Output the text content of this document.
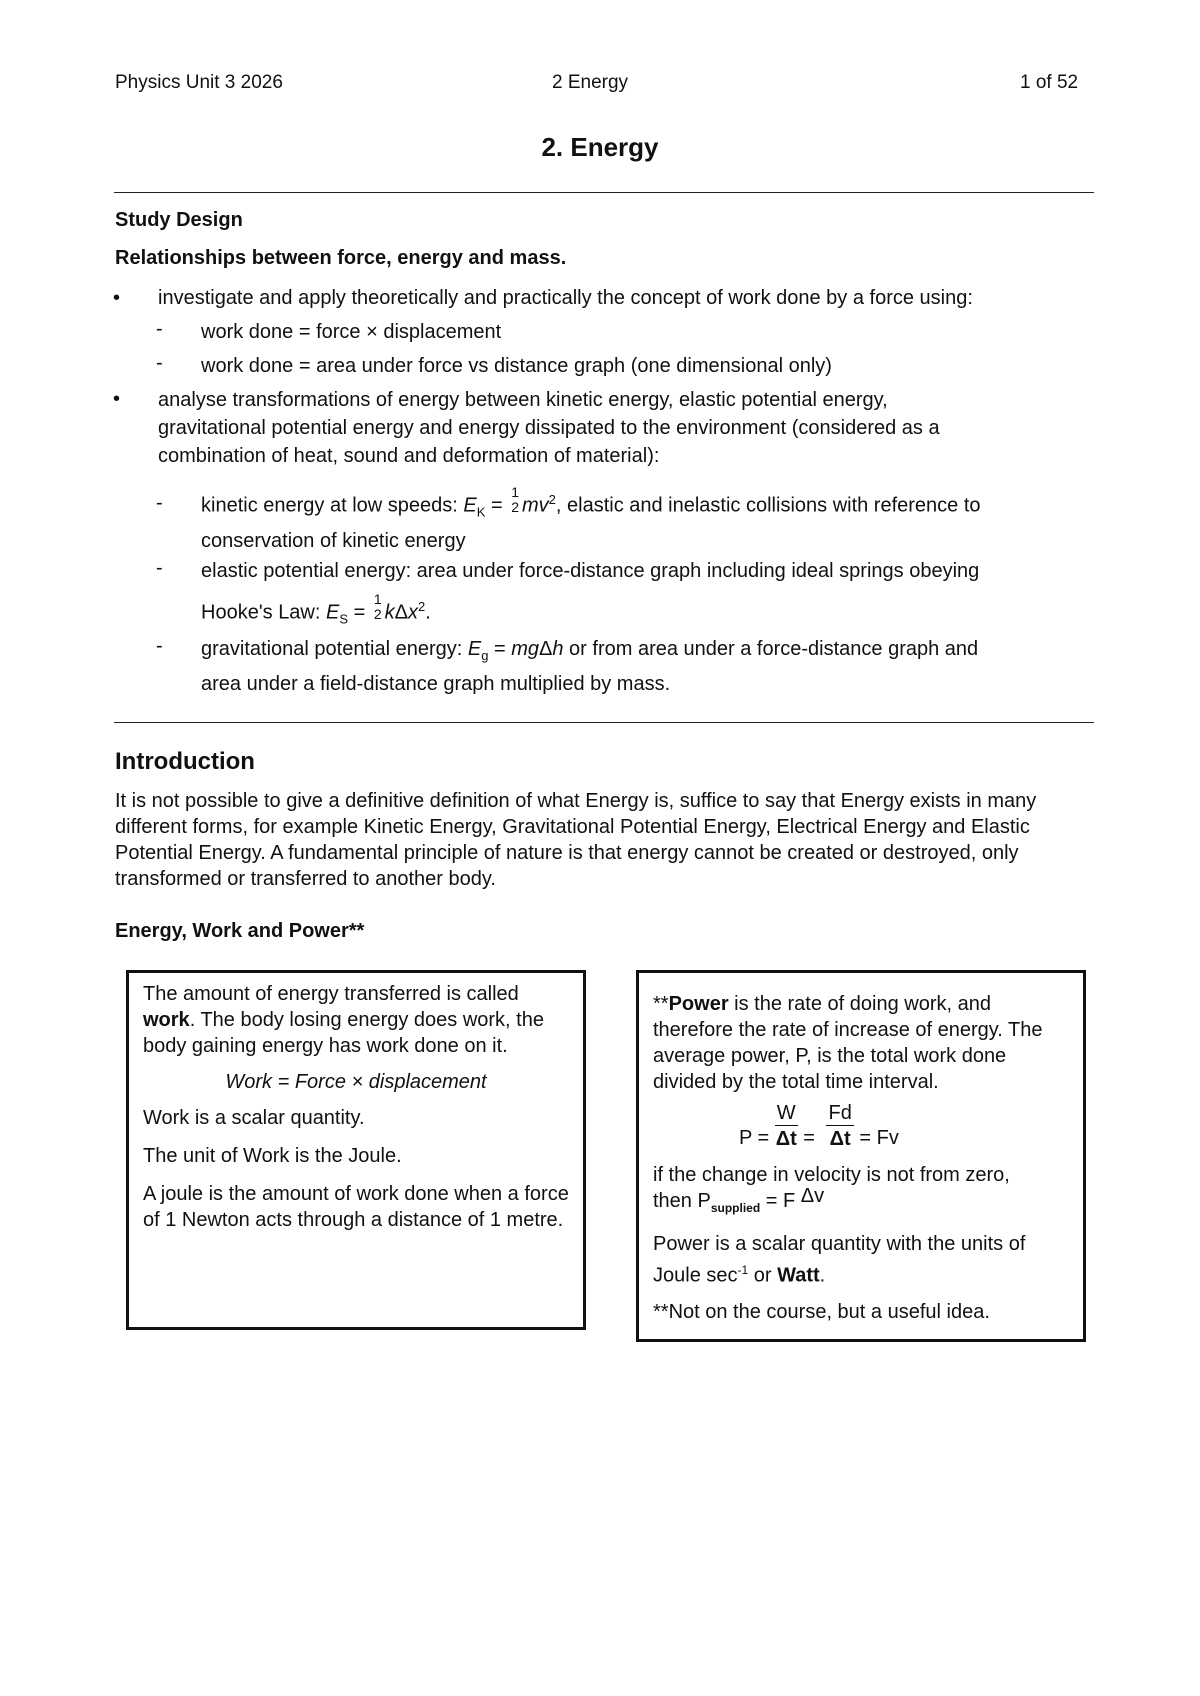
Physics Unit 3 2026	2 Energy	1 of 52
2. Energy
Study Design
Relationships between force, energy and mass.
• investigate and apply theoretically and practically the concept of work done by a force using:
- work done = force × displacement
- work done = area under force vs distance graph (one dimensional only)
• analyse transformations of energy between kinetic energy, elastic potential energy,
gravitational potential energy and energy dissipated to the environment (considered as a
combination of heat, sound and deformation of material):
- kinetic energy at low speeds: $E_K$ =
1
2 $mv^2$, elastic and inelastic collisions with reference to
conservation of kinetic energy
- elastic potential energy: area under force-distance graph including ideal springs obeying
Hooke's Law: $E_S$ =
1
2 kΔx$^2$.
- gravitational potential energy: $E_g = mg\Delta h$ or from area under a force-distance graph and
area under a field-distance graph multiplied by mass.
Introduction
It is not possible to give a definitive definition of what Energy is, suffice to say that Energy exists in many different forms, for example Kinetic Energy, Gravitational Potential Energy, Electrical Energy and Elastic Potential Energy. A fundamental principle of nature is that energy cannot be created or destroyed, only transformed or transferred to another body.
Energy, Work and Power**

The amount of energy transferred is called work. The body losing energy does work, the body gaining energy has work done on it.

Work = Force × displacement

Work is a scalar quantity.

The unit of Work is the Joule.

A joule is the amount of work done when a force of 1 Newton acts through a distance of 1 metre.

**Power is the rate of doing work, and therefore the rate of increase of energy. The average power, P, is the total work done divided by the total time interval.

$P = \frac{W}{\Delta t} = \frac{Fd}{\Delta t} = Fv$

if the change in velocity is not from zero,
then $P_{supplied} = F$ Δv

Power is a scalar quantity with the units of Joule $\sec^{-1}$ or Watt.

**Not on the course, but a useful idea.
